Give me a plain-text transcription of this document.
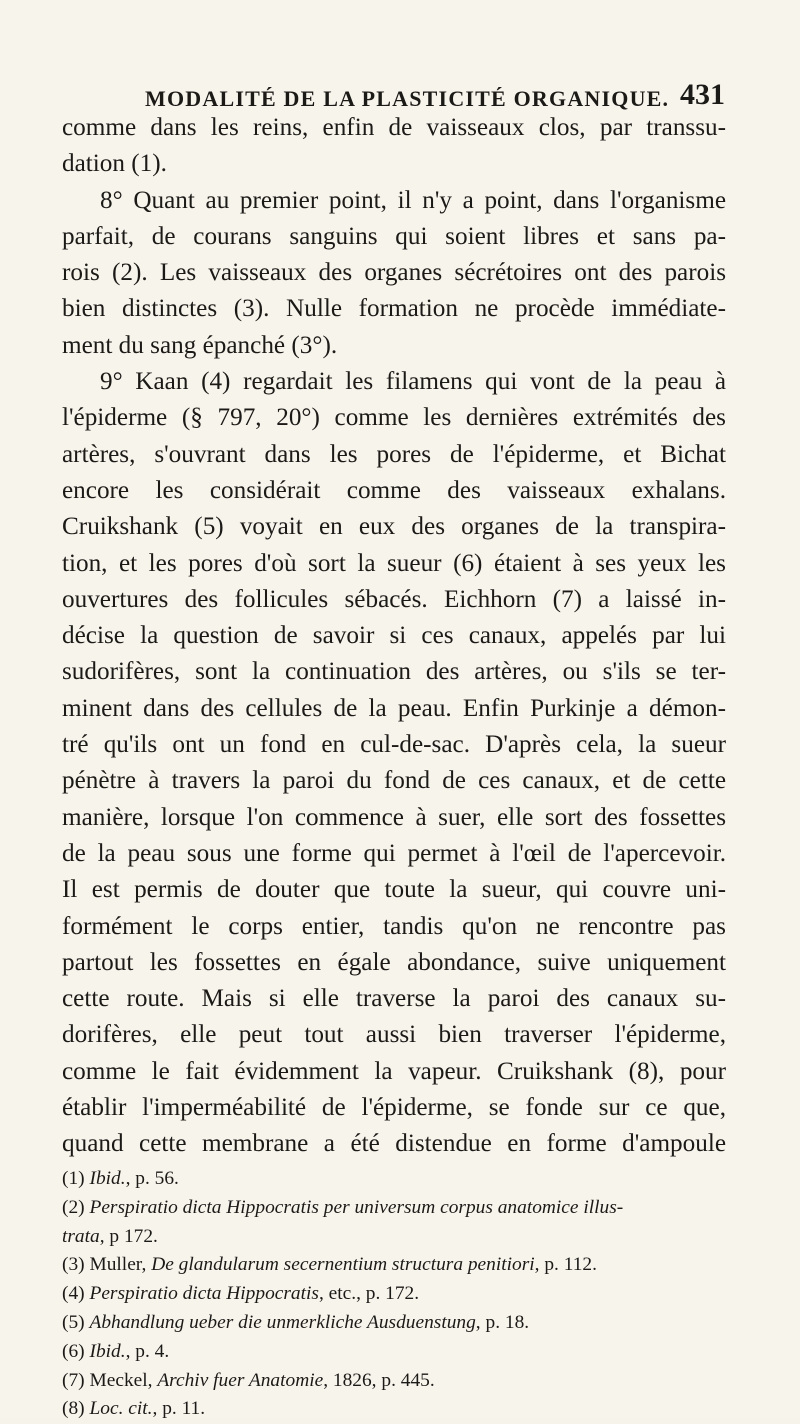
MODALITÉ DE LA PLASTICITÉ ORGANIQUE. 431
comme dans les reins, enfin de vaisseaux clos, par transsu-
dation (1).
8° Quant au premier point, il n'y a point, dans l'organisme
parfait, de courans sanguins qui soient libres et sans pa-
rois (2). Les vaisseaux des organes sécrétoires ont des parois
bien distinctes (3). Nulle formation ne procède immédiate-
ment du sang épanché (3°).
9° Kaan (4) regardait les filamens qui vont de la peau à
l'épiderme (§ 797, 20°) comme les dernières extrémités des
artères, s'ouvrant dans les pores de l'épiderme, et Bichat
encore les considérait comme des vaisseaux exhalans.
Cruikshank (5) voyait en eux des organes de la transpira-
tion, et les pores d'où sort la sueur (6) étaient à ses yeux les
ouvertures des follicules sébacés. Eichhorn (7) a laissé in-
décise la question de savoir si ces canaux, appelés par lui
sudorifères, sont la continuation des artères, ou s'ils se ter-
minent dans des cellules de la peau. Enfin Purkinje a démon-
tré qu'ils ont un fond en cul-de-sac. D'après cela, la sueur
pénètre à travers la paroi du fond de ces canaux, et de cette
manière, lorsque l'on commence à suer, elle sort des fossettes
de la peau sous une forme qui permet à l'œil de l'apercevoir.
Il est permis de douter que toute la sueur, qui couvre uni-
formément le corps entier, tandis qu'on ne rencontre pas
partout les fossettes en égale abondance, suive uniquement
cette route. Mais si elle traverse la paroi des canaux su-
dorifères, elle peut tout aussi bien traverser l'épiderme,
comme le fait évidemment la vapeur. Cruikshank (8), pour
établir l'imperméabilité de l'épiderme, se fonde sur ce que,
quand cette membrane a été distendue en forme d'ampoule
(1) Ibid., p. 56.
(2) Perspiratio dicta Hippocratis per universum corpus anatomice illus-
trata, p 172.
(3) Muller, De glandularum secernentium structura penitiori, p. 112.
(4) Perspiratio dicta Hippocratis, etc., p. 172.
(5) Abhandlung ueber die unmerkliche Ausduenstung, p. 18.
(6) Ibid., p. 4.
(7) Meckel, Archiv fuer Anatomie, 1826, p. 445.
(8) Loc. cit., p. 11.
